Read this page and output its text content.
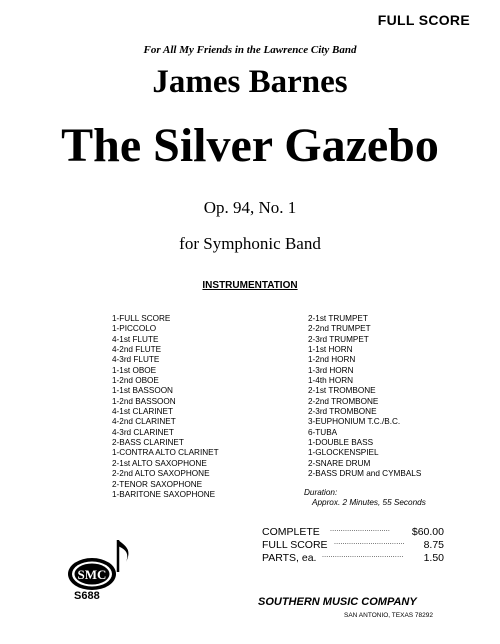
FULL SCORE
For All My Friends in the Lawrence City Band
James Barnes
The Silver Gazebo
Op. 94, No. 1
for Symphonic Band
INSTRUMENTATION
1-FULL SCORE
1-PICCOLO
4-1st FLUTE
4-2nd FLUTE
4-3rd FLUTE
1-1st OBOE
1-2nd OBOE
1-1st BASSOON
1-2nd BASSOON
4-1st CLARINET
4-2nd CLARINET
4-3rd CLARINET
2-BASS CLARINET
1-CONTRA ALTO CLARINET
2-1st ALTO SAXOPHONE
2-2nd ALTO SAXOPHONE
2-TENOR SAXOPHONE
1-BARITONE SAXOPHONE
2-1st TRUMPET
2-2nd TRUMPET
2-3rd TRUMPET
1-1st HORN
1-2nd HORN
1-3rd HORN
1-4th HORN
2-1st TROMBONE
2-2nd TROMBONE
2-3rd TROMBONE
3-EUPHONIUM T.C./B.C.
6-TUBA
1-DOUBLE BASS
1-GLOCKENSPIEL
2-SNARE DRUM
2-BASS DRUM and CYMBALS
Duration:
Approx. 2 Minutes, 55 Seconds
COMPLETE ............................	$60.00
FULL SCORE .................................	8.75
PARTS, ea. ......................................	1.50
SMC
S688	SOUTHERN MUSIC COMPANY
SAN ANTONIO, TEXAS 78292
